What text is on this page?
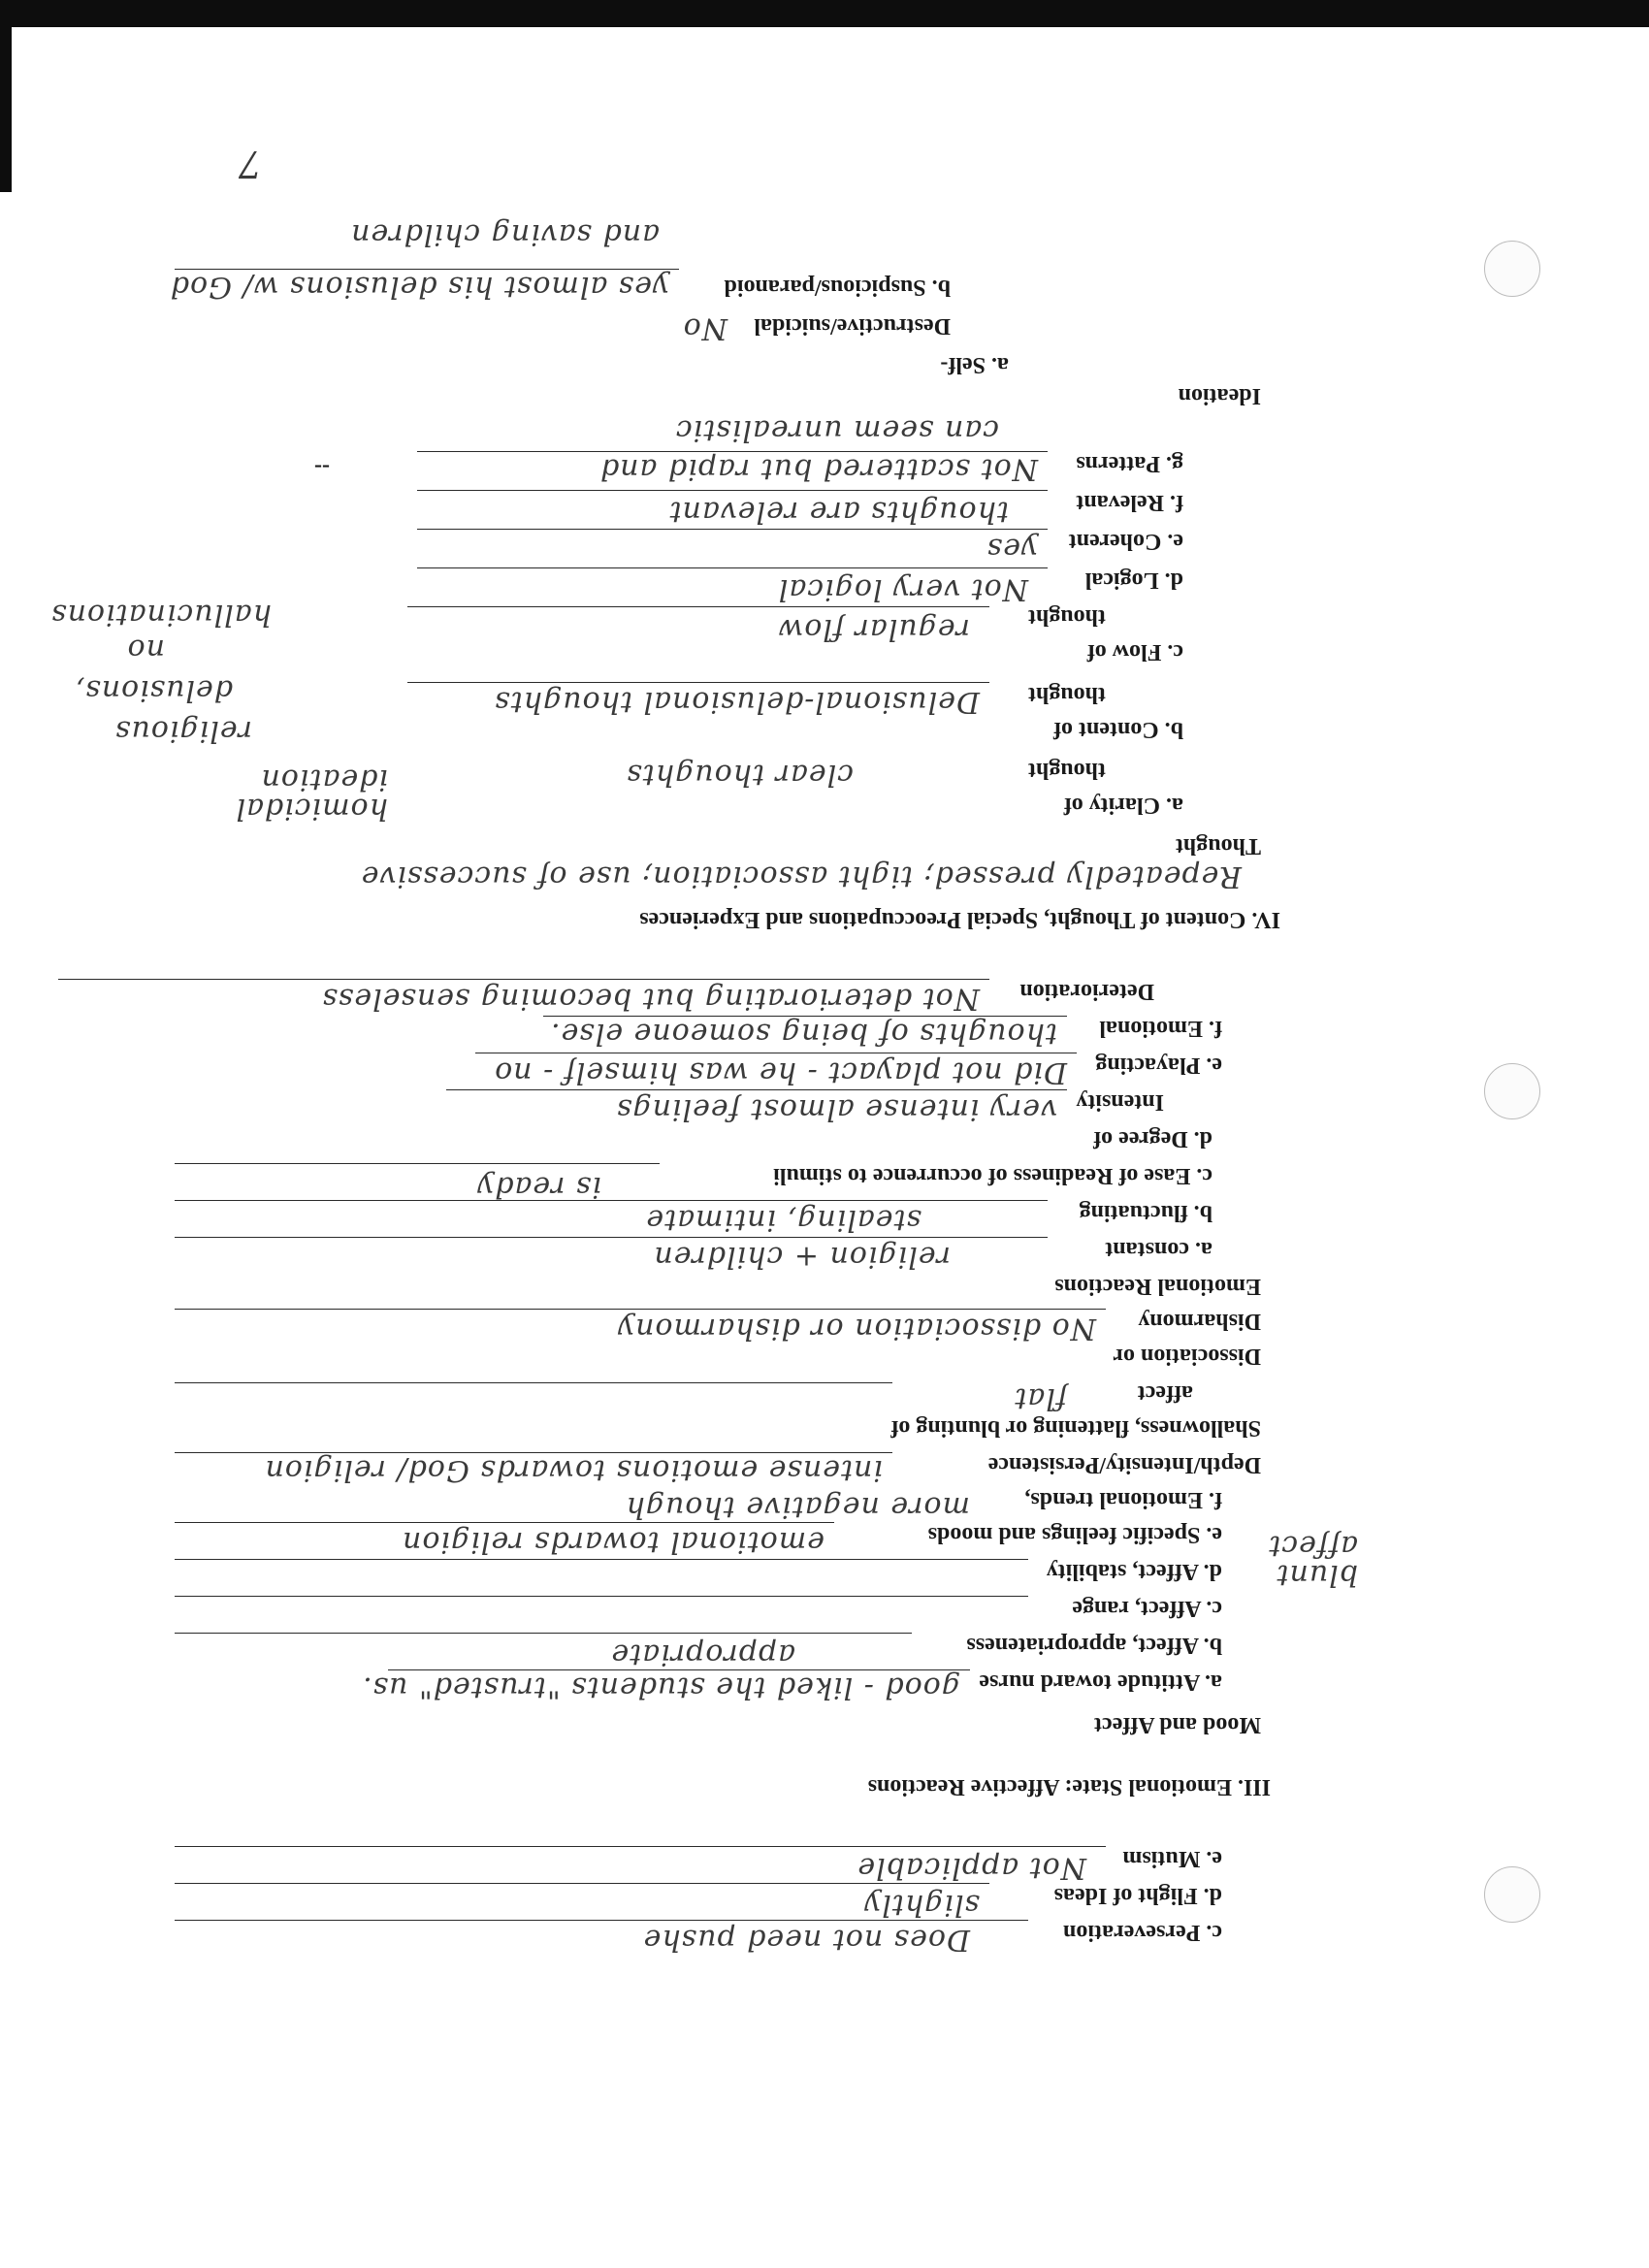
7
and saving children
b. Suspicious/paranoid
yes almost his delusions w/ God
Destructive/suicidal
No
a. Self-
Ideation
can seem unrealistic
--	g. Patterns
Not scattered but rapid and
f. Relevant
thoughts are relevant
e. Coherent
yes
d. Logical
Not very logical
thought
regular flow
c. Flow of
thought
Delusional-delusional thoughts
b. Content of
thought
clear thoughts
a. Clarity of
religious
delusions,
no
hallucinations
homicidal ideation
Thought
Repeatedly pressed; tight association; use of successive
IV. Content of Thought, Special Preoccupations and Experiences
Deterioration
Not deteriorating but becoming senseless
f. Emotional
thoughts of being someone else.
e. Playacting
Did not playact - he was himself - no
Intensity
very intense almost feelings
d. Degree of
c. Ease of Readiness of occurrence to stimuli
is ready
b. fluctuating
stealing, intimate
a. constant
religion + children
Emotional Reactions
Disharmony
No dissociation or disharmony
Dissociation or
affect
flat
Shallowness, flattening or blunting of
Depth/Intensity/Persistence
intense emotions towards God/ religion
f. Emotional trends,
more negative though
e. Specific feelings and moods
emotional towards religion
d. Affect, stability
c. Affect, range
b. Affect, appropriateness
appropriate
a. Attitude toward nurse
good - liked the students "trusted" us.
blunt affect
Mood and Affect
III. Emotional State: Affective Reactions
e. Mutism
Not applicable
d. Flight of Ideas
slightly
c. Perseveration
Does not need pushe
